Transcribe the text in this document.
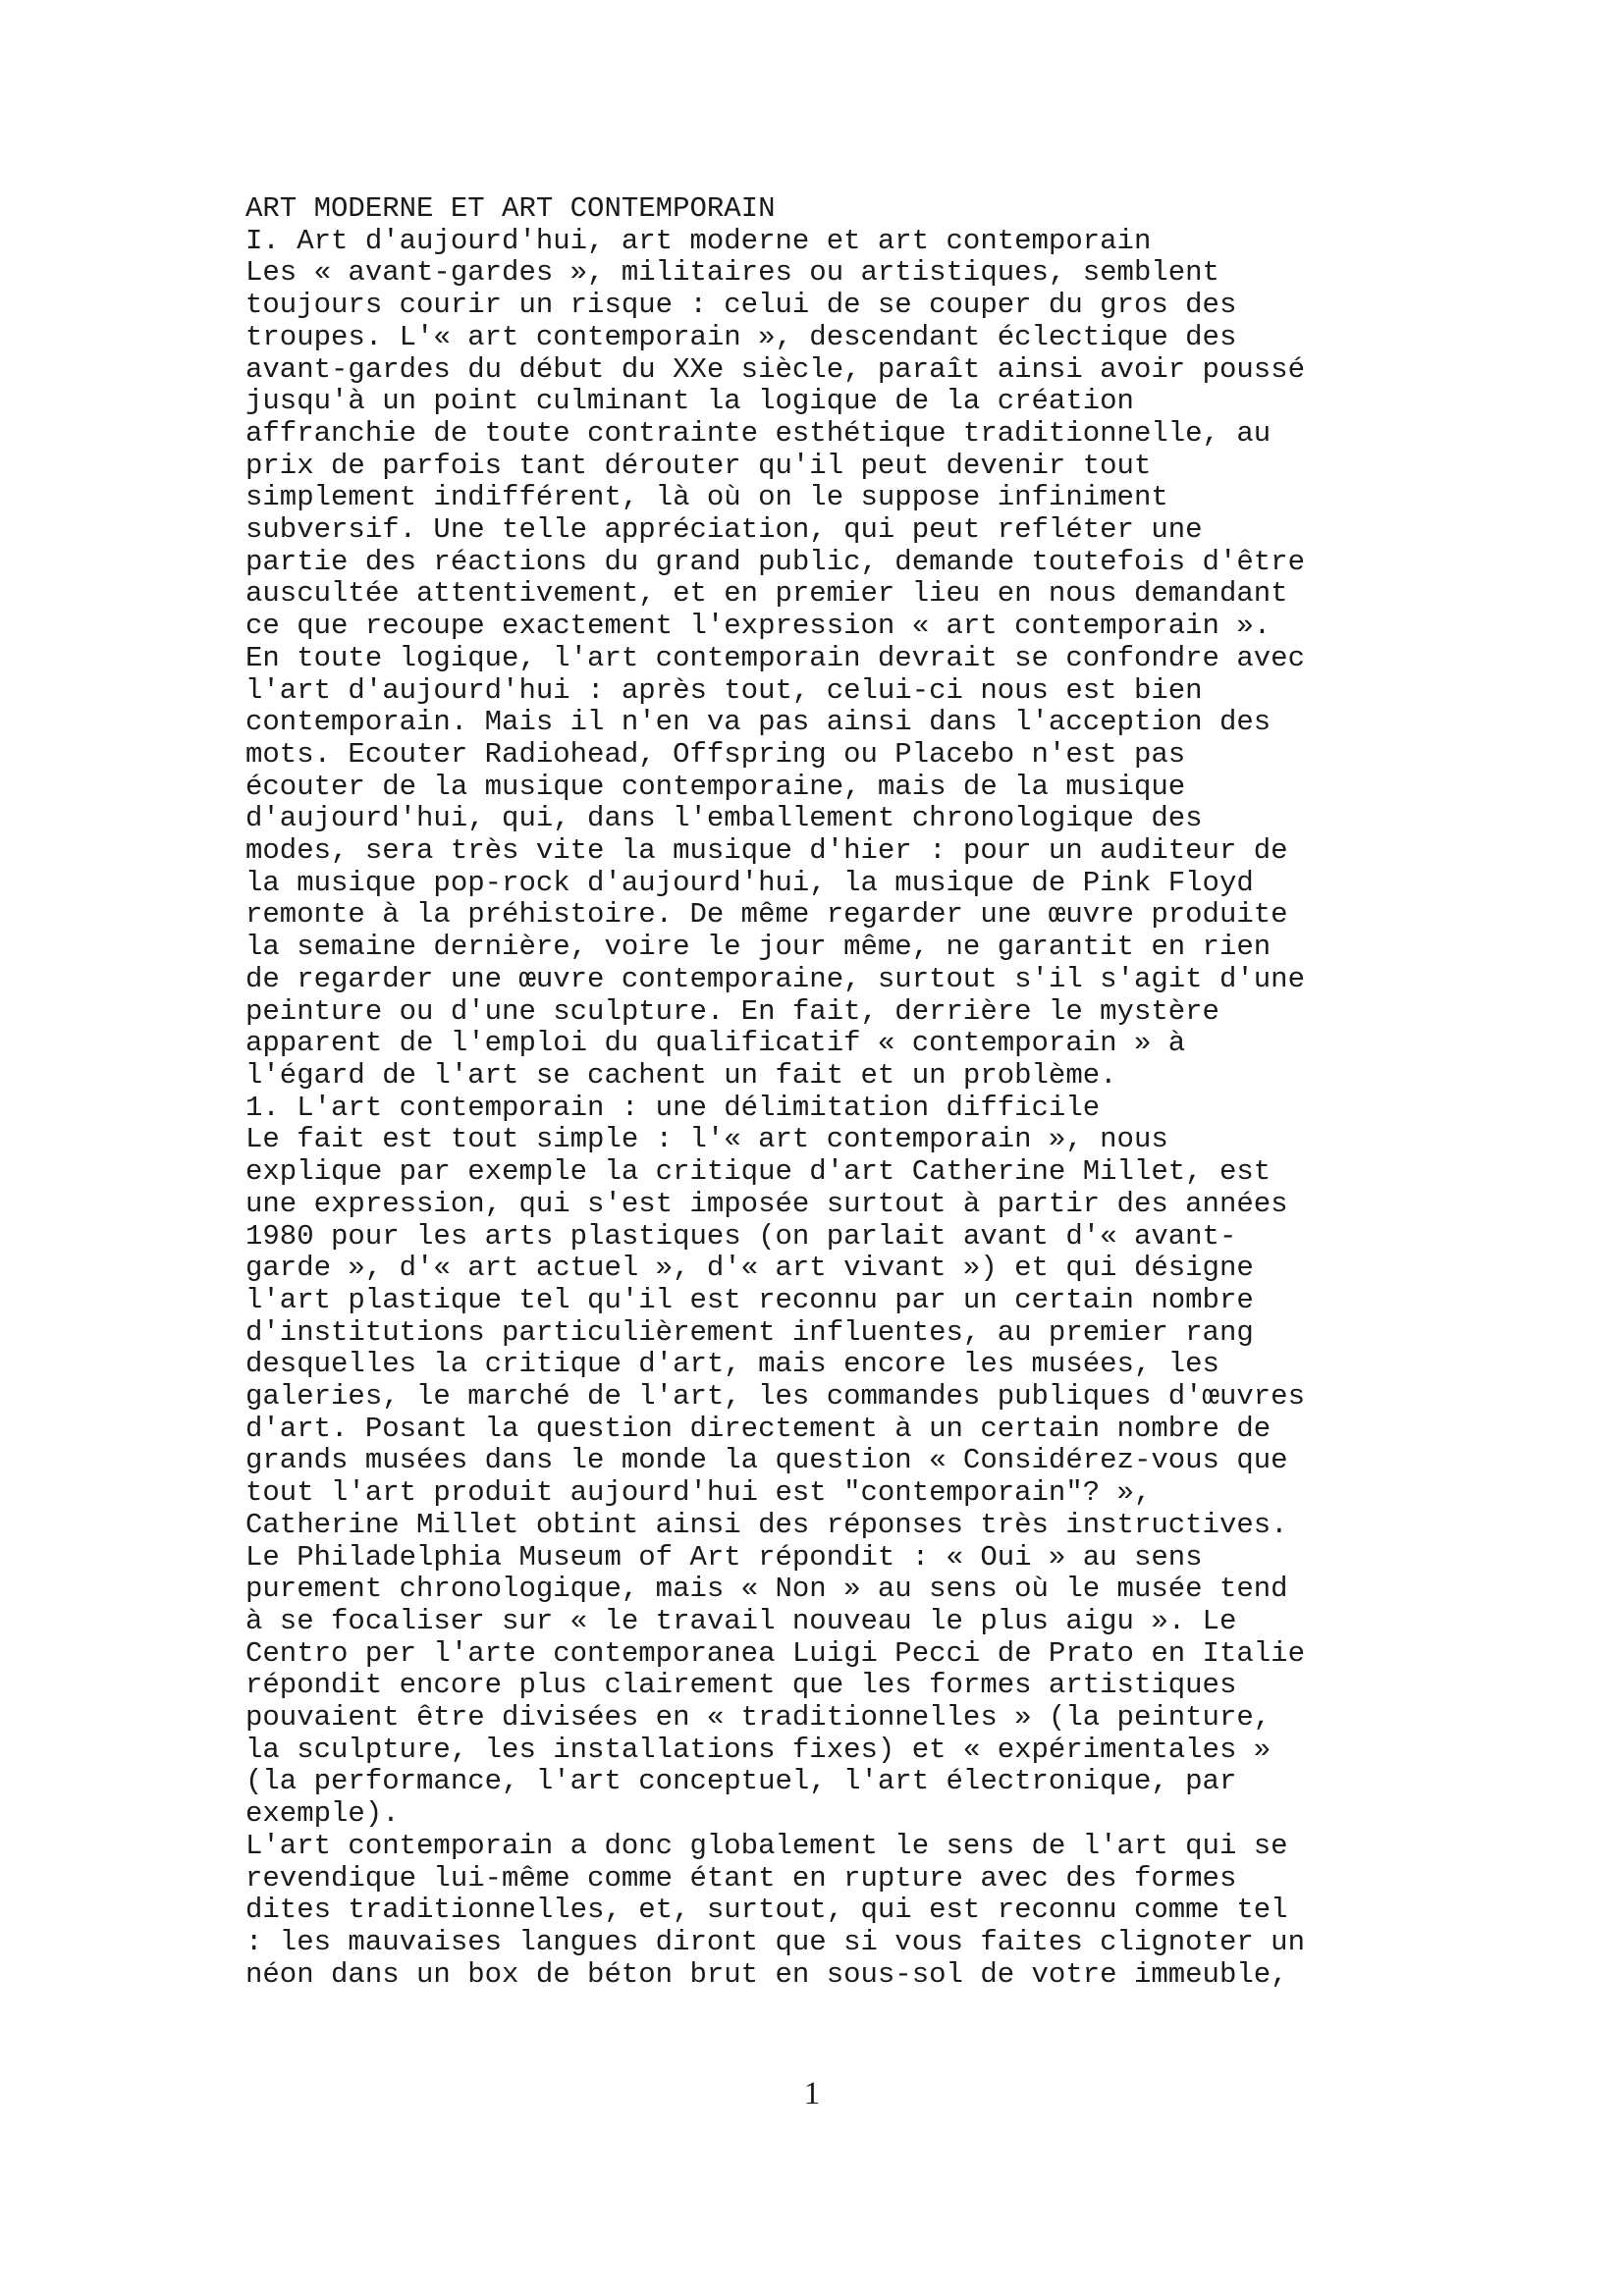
ART MODERNE ET ART CONTEMPORAIN
I. Art d'aujourd'hui, art moderne et art contemporain
Les « avant-gardes », militaires ou artistiques, semblent
toujours courir un risque : celui de se couper du gros des
troupes. L'« art contemporain », descendant éclectique des
avant-gardes du début du XXe siècle, paraît ainsi avoir poussé
jusqu'à un point culminant la logique de la création
affranchie de toute contrainte esthétique traditionnelle, au
prix de parfois tant dérouter qu'il peut devenir tout
simplement indifférent, là où on le suppose infiniment
subversif. Une telle appréciation, qui peut refléter une
partie des réactions du grand public, demande toutefois d'être
auscultée attentivement, et en premier lieu en nous demandant
ce que recoupe exactement l'expression « art contemporain ».
En toute logique, l'art contemporain devrait se confondre avec
l'art d'aujourd'hui : après tout, celui-ci nous est bien
contemporain. Mais il n'en va pas ainsi dans l'acception des
mots. Ecouter Radiohead, Offspring ou Placebo n'est pas
écouter de la musique contemporaine, mais de la musique
d'aujourd'hui, qui, dans l'emballement chronologique des
modes, sera très vite la musique d'hier : pour un auditeur de
la musique pop-rock d'aujourd'hui, la musique de Pink Floyd
remonte à la préhistoire. De même regarder une œuvre produite
la semaine dernière, voire le jour même, ne garantit en rien
de regarder une œuvre contemporaine, surtout s'il s'agit d'une
peinture ou d'une sculpture. En fait, derrière le mystère
apparent de l'emploi du qualificatif « contemporain » à
l'égard de l'art se cachent un fait et un problème.
1. L'art contemporain : une délimitation difficile
Le fait est tout simple : l'« art contemporain », nous
explique par exemple la critique d'art Catherine Millet, est
une expression, qui s'est imposée surtout à partir des années
1980 pour les arts plastiques (on parlait avant d'« avant-
garde », d'« art actuel », d'« art vivant ») et qui désigne
l'art plastique tel qu'il est reconnu par un certain nombre
d'institutions particulièrement influentes, au premier rang
desquelles la critique d'art, mais encore les musées, les
galeries, le marché de l'art, les commandes publiques d'œuvres
d'art. Posant la question directement à un certain nombre de
grands musées dans le monde la question « Considérez-vous que
tout l'art produit aujourd'hui est "contemporain"? »,
Catherine Millet obtint ainsi des réponses très instructives.
Le Philadelphia Museum of Art répondit : « Oui » au sens
purement chronologique, mais « Non » au sens où le musée tend
à se focaliser sur « le travail nouveau le plus aigu ». Le
Centro per l'arte contemporanea Luigi Pecci de Prato en Italie
répondit encore plus clairement que les formes artistiques
pouvaient être divisées en « traditionnelles » (la peinture,
la sculpture, les installations fixes) et « expérimentales »
(la performance, l'art conceptuel, l'art électronique, par
exemple).
L'art contemporain a donc globalement le sens de l'art qui se
revendique lui-même comme étant en rupture avec des formes
dites traditionnelles, et, surtout, qui est reconnu comme tel
: les mauvaises langues diront que si vous faites clignoter un
néon dans un box de béton brut en sous-sol de votre immeuble,
1
